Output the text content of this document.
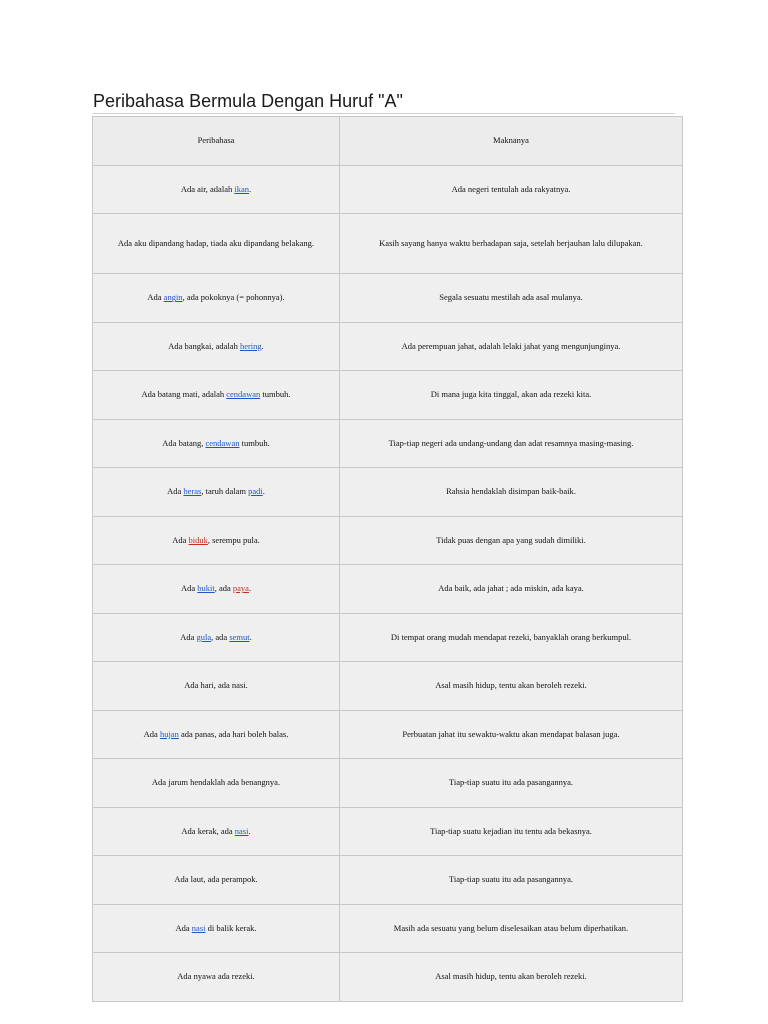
Peribahasa Bermula Dengan Huruf "A"
Peribahasa	Maknanya
Ada air, adalah ikan.	Ada negeri tentulah ada rakyatnya.
Ada aku dipandang hadap, tiada aku dipandang belakang.	Kasih sayang hanya waktu berhadapan saja, setelah berjauhan lalu dilupakan.
Ada angin, ada pokoknya (= pohonnya).	Segala sesuatu mestilah ada asal mulanya.
Ada bangkai, adalah hering.	Ada perempuan jahat, adalah lelaki jahat yang mengunjunginya.
Ada batang mati, adalah cendawan tumbuh.	Di mana juga kita tinggal, akan ada rezeki kita.
Ada batang, cendawan tumbuh.	Tiap-tiap negeri ada undang-undang dan adat resamnya masing-masing.
Ada beras, taruh dalam padi.	Rahsia hendaklah disimpan baik-baik.
Ada biduk, serempu pula.	Tidak puas dengan apa yang sudah dimiliki.
Ada bukit, ada paya.	Ada baik, ada jahat ; ada miskin, ada kaya.
Ada gula, ada semut.	Di tempat orang mudah mendapat rezeki, banyaklah orang berkumpul.
Ada hari, ada nasi.	Asal masih hidup, tentu akan beroleh rezeki.
Ada hujan ada panas, ada hari boleh balas.	Perbuatan jahat itu sewaktu-waktu akan mendapat balasan juga.
Ada jarum hendaklah ada benangnya.	Tiap-tiap suatu itu ada pasangannya.
Ada kerak, ada nasi.	Tiap-tiap suatu kejadian itu tentu ada bekasnya.
Ada laut, ada perampok.	Tiap-tiap suatu itu ada pasangannya.
Ada nasi di balik kerak.	Masih ada sesuatu yang belum diselesaikan atau belum diperhatikan.
Ada nyawa ada rezeki.	Asal masih hidup, tentu akan beroleh rezeki.
